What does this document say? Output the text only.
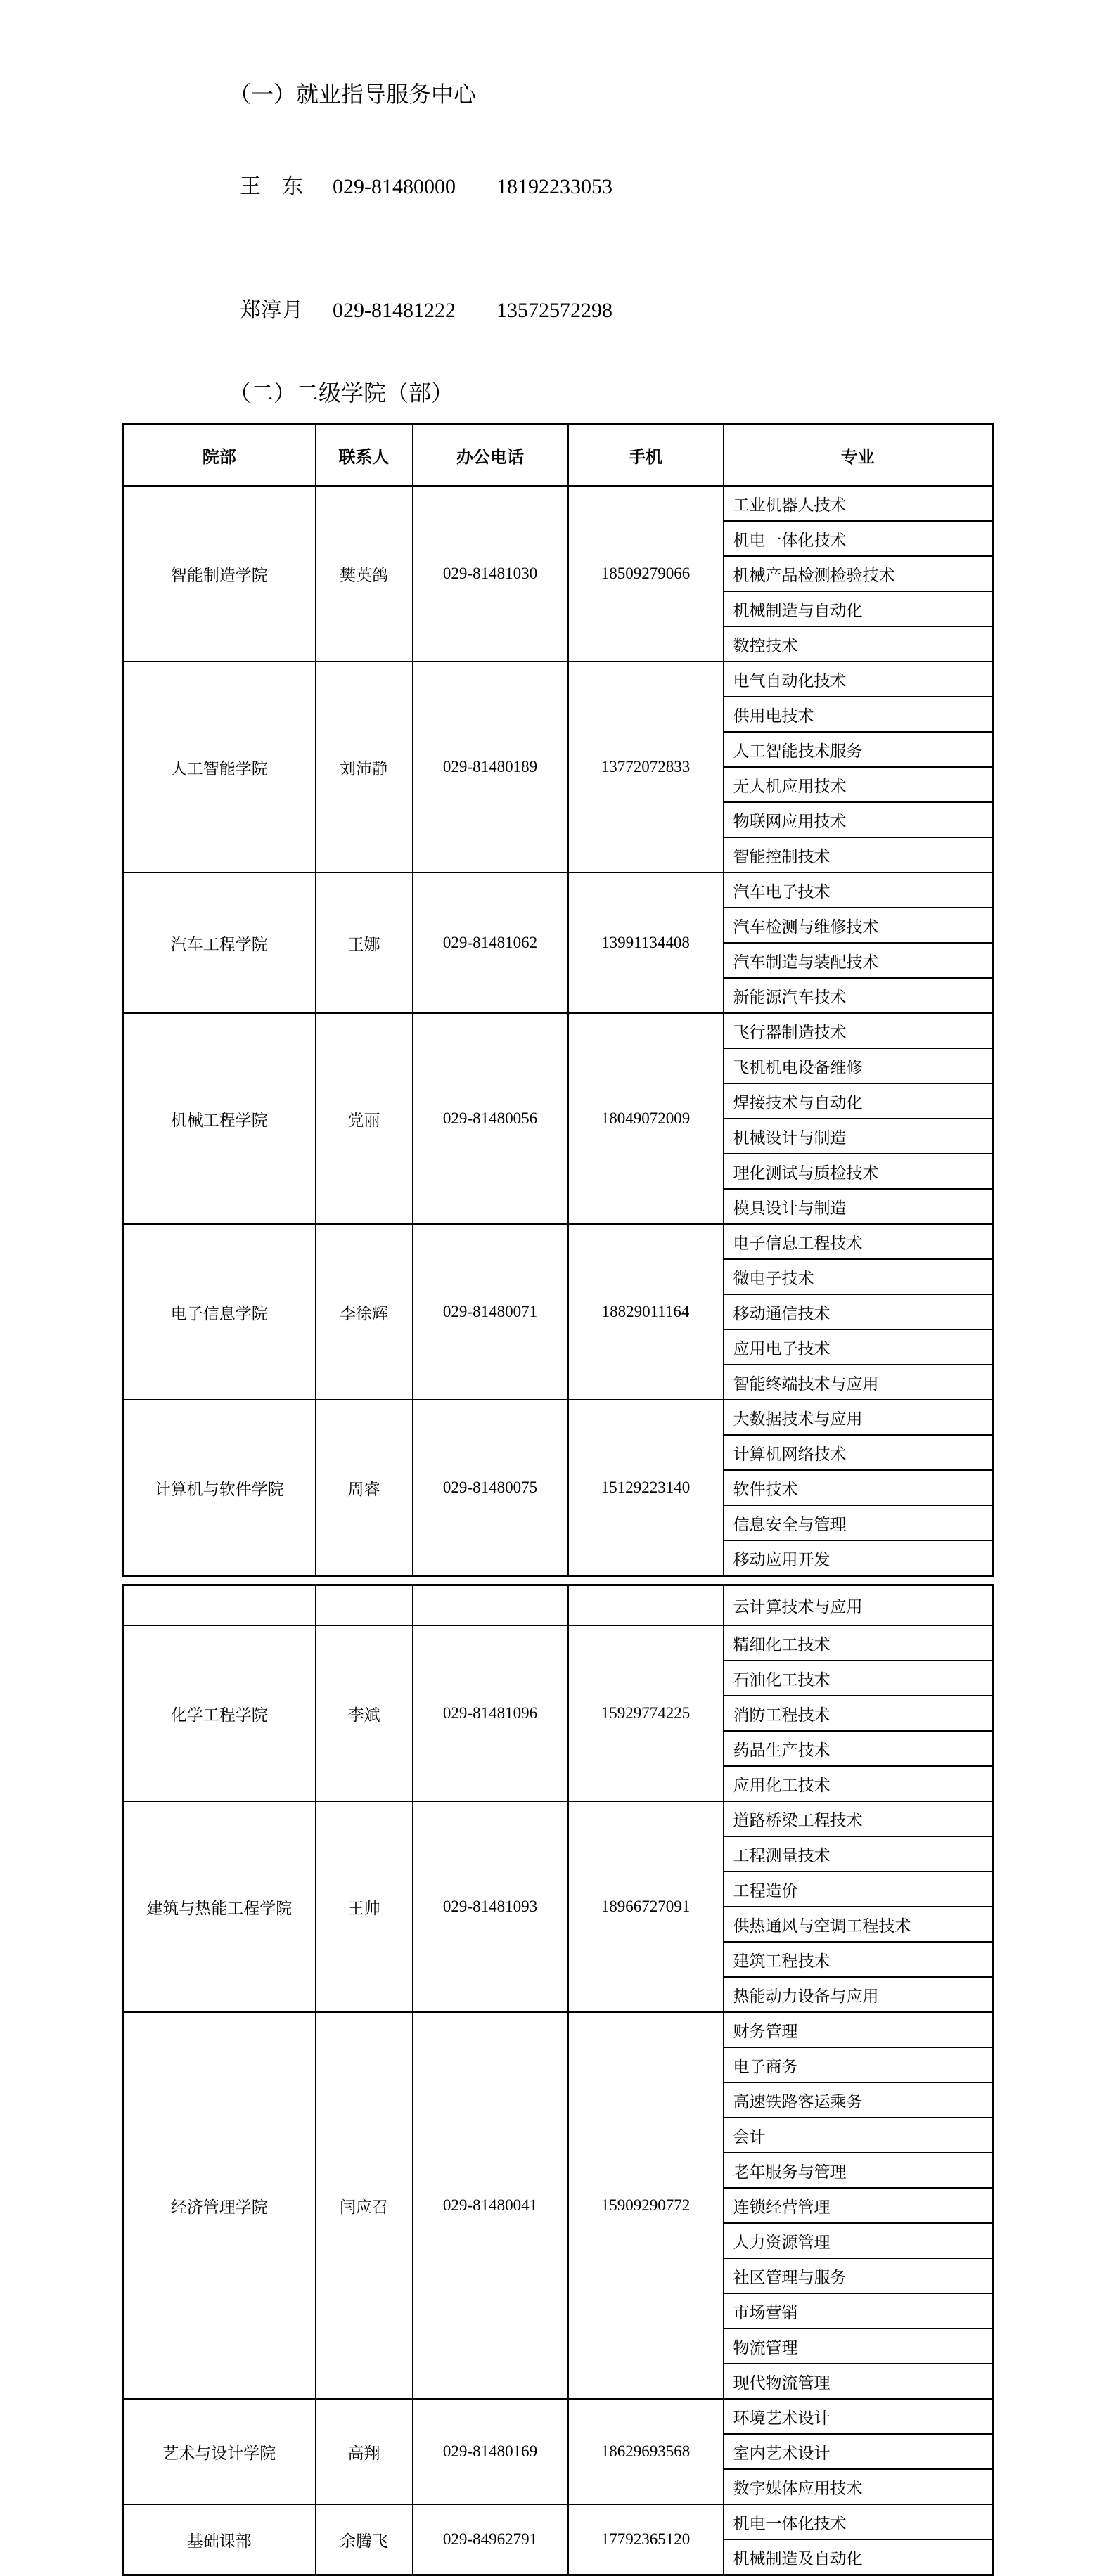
（一）就业指导服务中心

王　东 029-81480000 18192233053

郑淳月 029-81481222 13572572298

（二）二级学院（部）
院部	联系人	办公电话	手机	专业
智能制造学院	樊英鸽	029-81481030	18509279066	工业机器人技术
				机电一体化技术
				机械产品检测检验技术
				机械制造与自动化
				数控技术
人工智能学院	刘沛静	029-81480189	13772072833	电气自动化技术
				供用电技术
				人工智能技术服务
				无人机应用技术
				物联网应用技术
				智能控制技术
汽车工程学院	王娜	029-81481062	13991134408	汽车电子技术
				汽车检测与维修技术
				汽车制造与装配技术
				新能源汽车技术
机械工程学院	党丽	029-81480056	18049072009	飞行器制造技术
				飞机机电设备维修
				焊接技术与自动化
				机械设计与制造
				理化测试与质检技术
				模具设计与制造
电子信息学院	李徐辉	029-81480071	18829011164	电子信息工程技术
				微电子技术
				移动通信技术
				应用电子技术
				智能终端技术与应用
计算机与软件学院	周睿	029-81480075	15129223140	大数据技术与应用
				计算机网络技术
				软件技术
				信息安全与管理
				移动应用开发
				云计算技术与应用
化学工程学院	李斌	029-81481096	15929774225	精细化工技术
				石油化工技术
				消防工程技术
				药品生产技术
				应用化工技术
建筑与热能工程学院	王帅	029-81481093	18966727091	道路桥梁工程技术
				工程测量技术
				工程造价
				供热通风与空调工程技术
				建筑工程技术
				热能动力设备与应用
经济管理学院	闫应召	029-81480041	15909290772	财务管理
				电子商务
				高速铁路客运乘务
				会计
				老年服务与管理
				连锁经营管理
				人力资源管理
				社区管理与服务
				市场营销
				物流管理
				现代物流管理
艺术与设计学院	高翔	029-81480169	18629693568	环境艺术设计
				室内艺术设计
				数字媒体应用技术
基础课部	余腾飞	029-84962791	17792365120	机电一体化技术
				机械制造及自动化
